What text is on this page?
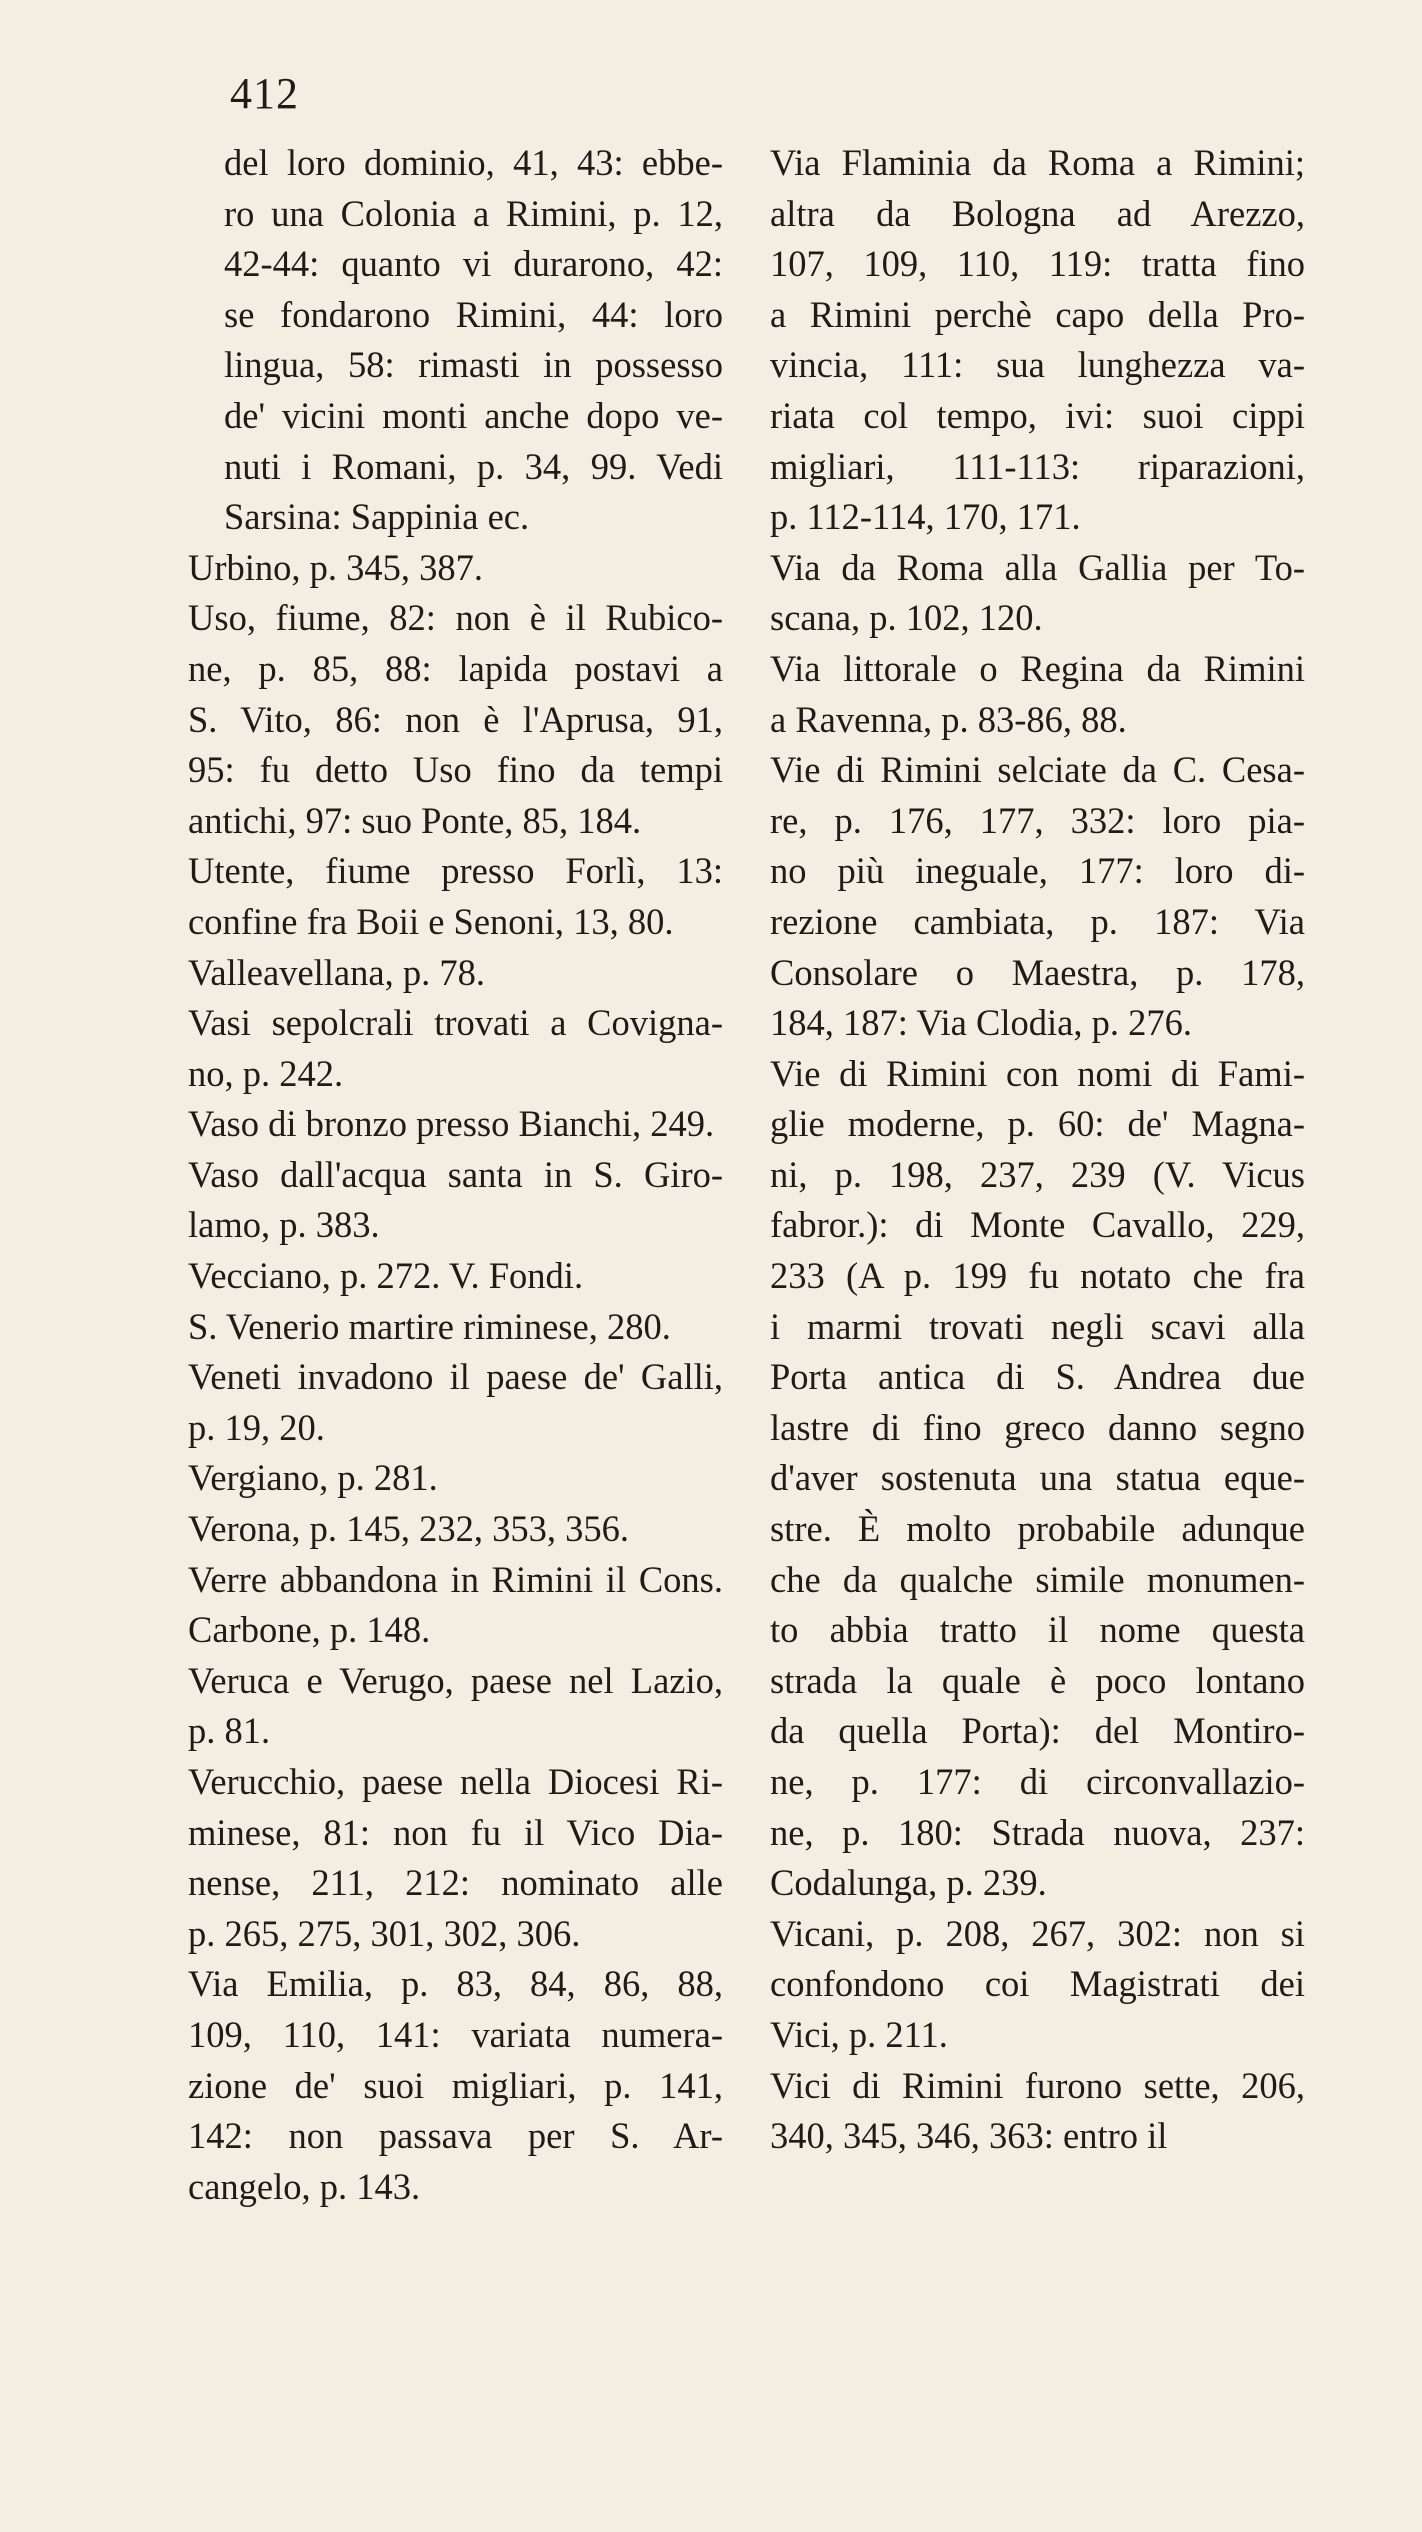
412
del loro dominio, 41, 43: ebbe-
ro una Colonia a Rimini, p. 12,
42-44: quanto vi durarono, 42:
se fondarono Rimini, 44: loro
lingua, 58: rimasti in possesso
de' vicini monti anche dopo ve-
nuti i Romani, p. 34, 99. Vedi
Sarsina: Sappinia ec.
Urbino, p. 345, 387.
Uso, fiume, 82: non è il Rubico-
ne, p. 85, 88: lapida postavi a
S. Vito, 86: non è l'Aprusa, 91,
95: fu detto Uso fino da tempi
antichi, 97: suo Ponte, 85, 184.
Utente, fiume presso Forlì, 13:
confine fra Boii e Senoni, 13, 80.
Valleavellana, p. 78.
Vasi sepolcrali trovati a Covigna-
no, p. 242.
Vaso di bronzo presso Bianchi, 249.
Vaso dall'acqua santa in S. Giro-
lamo, p. 383.
Vecciano, p. 272. V. Fondi.
S. Venerio martire riminese, 280.
Veneti invadono il paese de' Galli,
p. 19, 20.
Vergiano, p. 281.
Verona, p. 145, 232, 353, 356.
Verre abbandona in Rimini il Cons.
Carbone, p. 148.
Veruca e Verugo, paese nel Lazio,
p. 81.
Verucchio, paese nella Diocesi Ri-
minese, 81: non fu il Vico Dia-
nense, 211, 212: nominato alle
p. 265, 275, 301, 302, 306.
Via Emilia, p. 83, 84, 86, 88,
109, 110, 141: variata numera-
zione de' suoi migliari, p. 141,
142: non passava per S. Ar-
cangelo, p. 143.
Via Flaminia da Roma a Rimini;
altra da Bologna ad Arezzo,
107, 109, 110, 119: tratta fino
a Rimini perchè capo della Pro-
vincia, 111: sua lunghezza va-
riata col tempo, ivi: suoi cippi
migliari, 111-113: riparazioni,
p. 112-114, 170, 171.
Via da Roma alla Gallia per To-
scana, p. 102, 120.
Via littorale o Regina da Rimini
a Ravenna, p. 83-86, 88.
Vie di Rimini selciate da C. Cesa-
re, p. 176, 177, 332: loro pia-
no più ineguale, 177: loro di-
rezione cambiata, p. 187: Via
Consolare o Maestra, p. 178,
184, 187: Via Clodia, p. 276.
Vie di Rimini con nomi di Fami-
glie moderne, p. 60: de' Magna-
ni, p. 198, 237, 239 (V. Vicus
fabror.): di Monte Cavallo, 229,
233 (A p. 199 fu notato che fra
i marmi trovati negli scavi alla
Porta antica di S. Andrea due
lastre di fino greco danno segno
d'aver sostenuta una statua eque-
stre. È molto probabile adunque
che da qualche simile monumen-
to abbia tratto il nome questa
strada la quale è poco lontano
da quella Porta): del Montiro-
ne, p. 177: di circonvallazio-
ne, p. 180: Strada nuova, 237:
Codalunga, p. 239.
Vicani, p. 208, 267, 302: non si
confondono coi Magistrati dei
Vici, p. 211.
Vici di Rimini furono sette, 206,
340, 345, 346, 363: entro il
